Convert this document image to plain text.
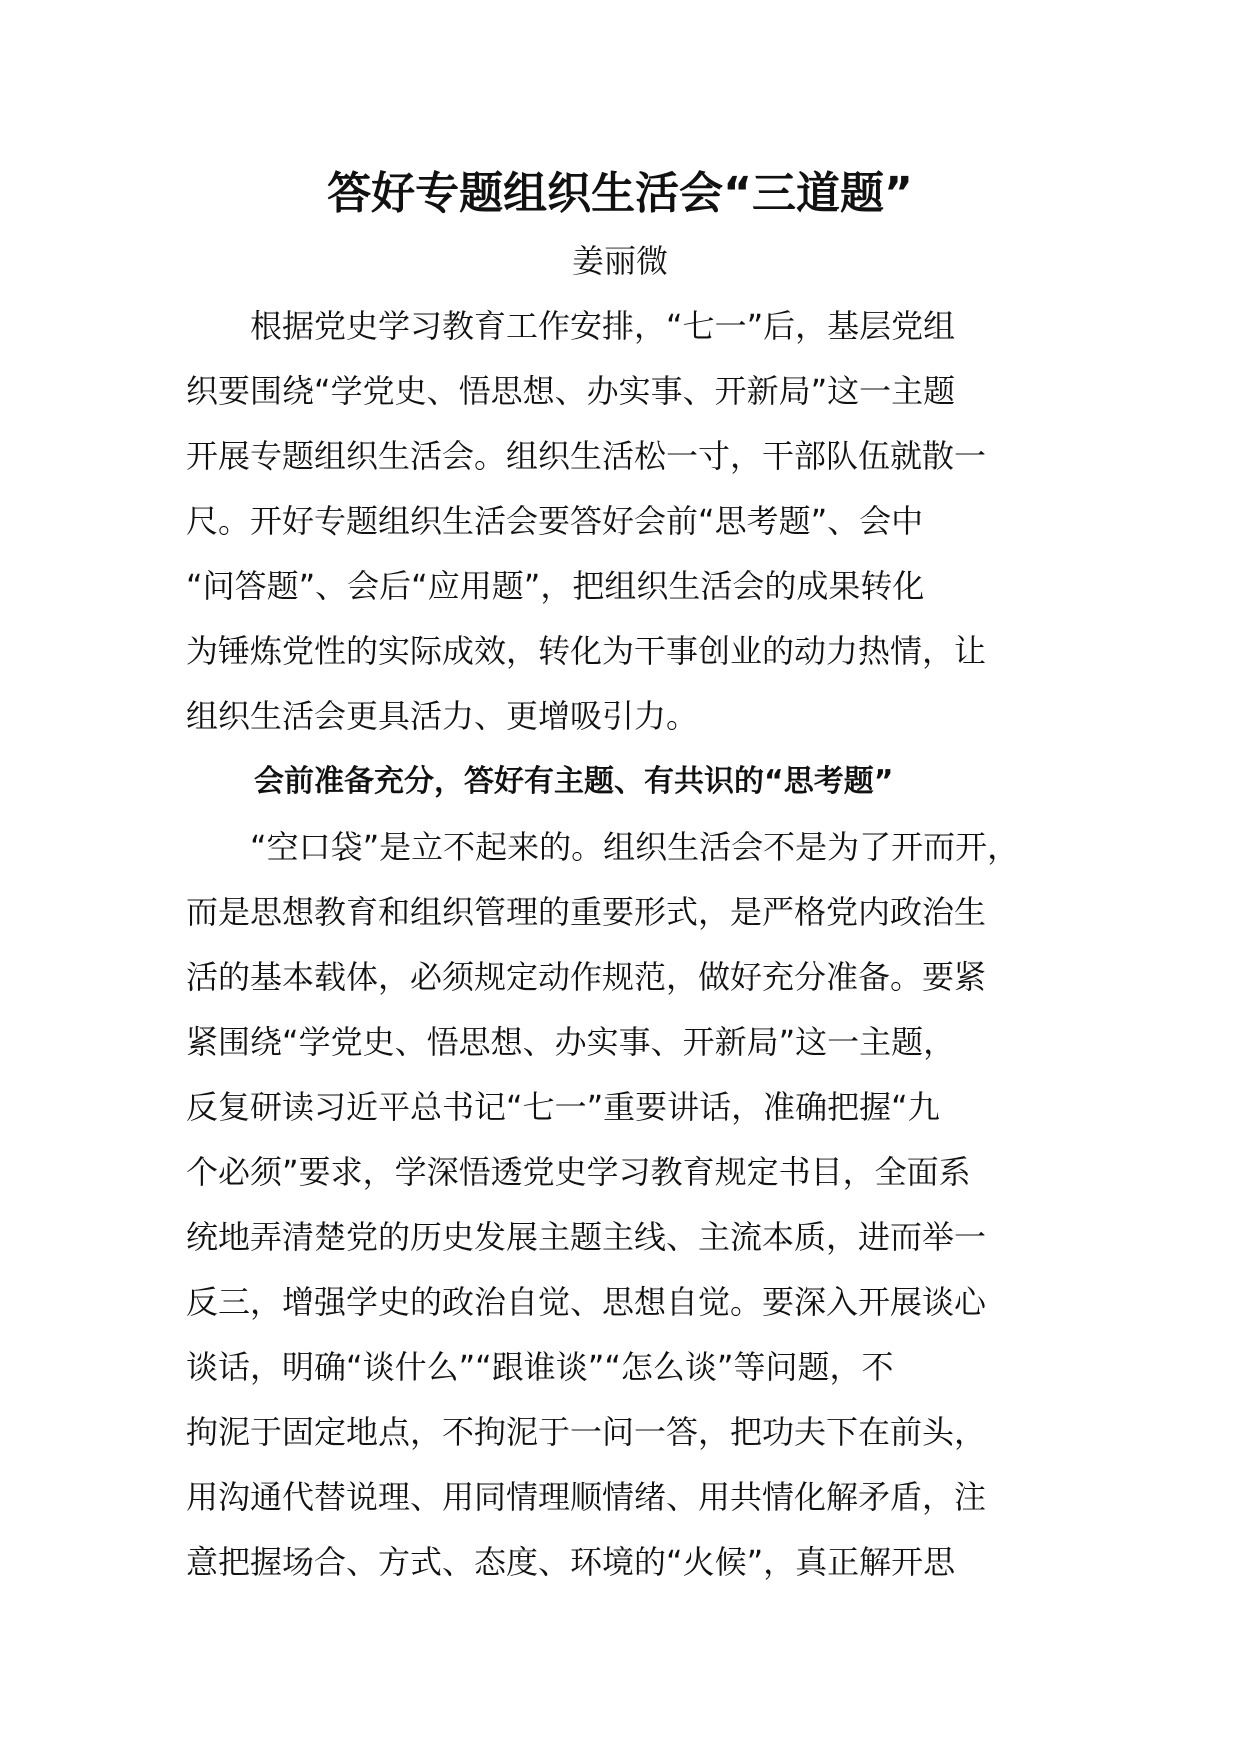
答好专题组织生活会“三道题”
姜丽微
根据党史学习教育工作安排，“七一”后，基层党组
织要围绕“学党史、悟思想、办实事、开新局”这一主题
开展专题组织生活会。组织生活松一寸，干部队伍就散一
尺。开好专题组织生活会要答好会前“思考题”、会中
“问答题”、会后“应用题”，把组织生活会的成果转化
为锤炼党性的实际成效，转化为干事创业的动力热情，让
组织生活会更具活力、更增吸引力。
会前准备充分，答好有主题、有共识的“思考题”
“空口袋”是立不起来的。组织生活会不是为了开而开，
而是思想教育和组织管理的重要形式，是严格党内政治生
活的基本载体，必须规定动作规范，做好充分准备。要紧
紧围绕“学党史、悟思想、办实事、开新局”这一主题，
反复研读习近平总书记“七一”重要讲话，准确把握“九
个必须”要求，学深悟透党史学习教育规定书目，全面系
统地弄清楚党的历史发展主题主线、主流本质，进而举一
反三，增强学史的政治自觉、思想自觉。要深入开展谈心
谈话，明确“谈什么”“跟谁谈”“怎么谈”等问题，不
拘泥于固定地点，不拘泥于一问一答，把功夫下在前头，
用沟通代替说理、用同情理顺情绪、用共情化解矛盾，注
意把握场合、方式、态度、环境的“火候”，真正解开思
